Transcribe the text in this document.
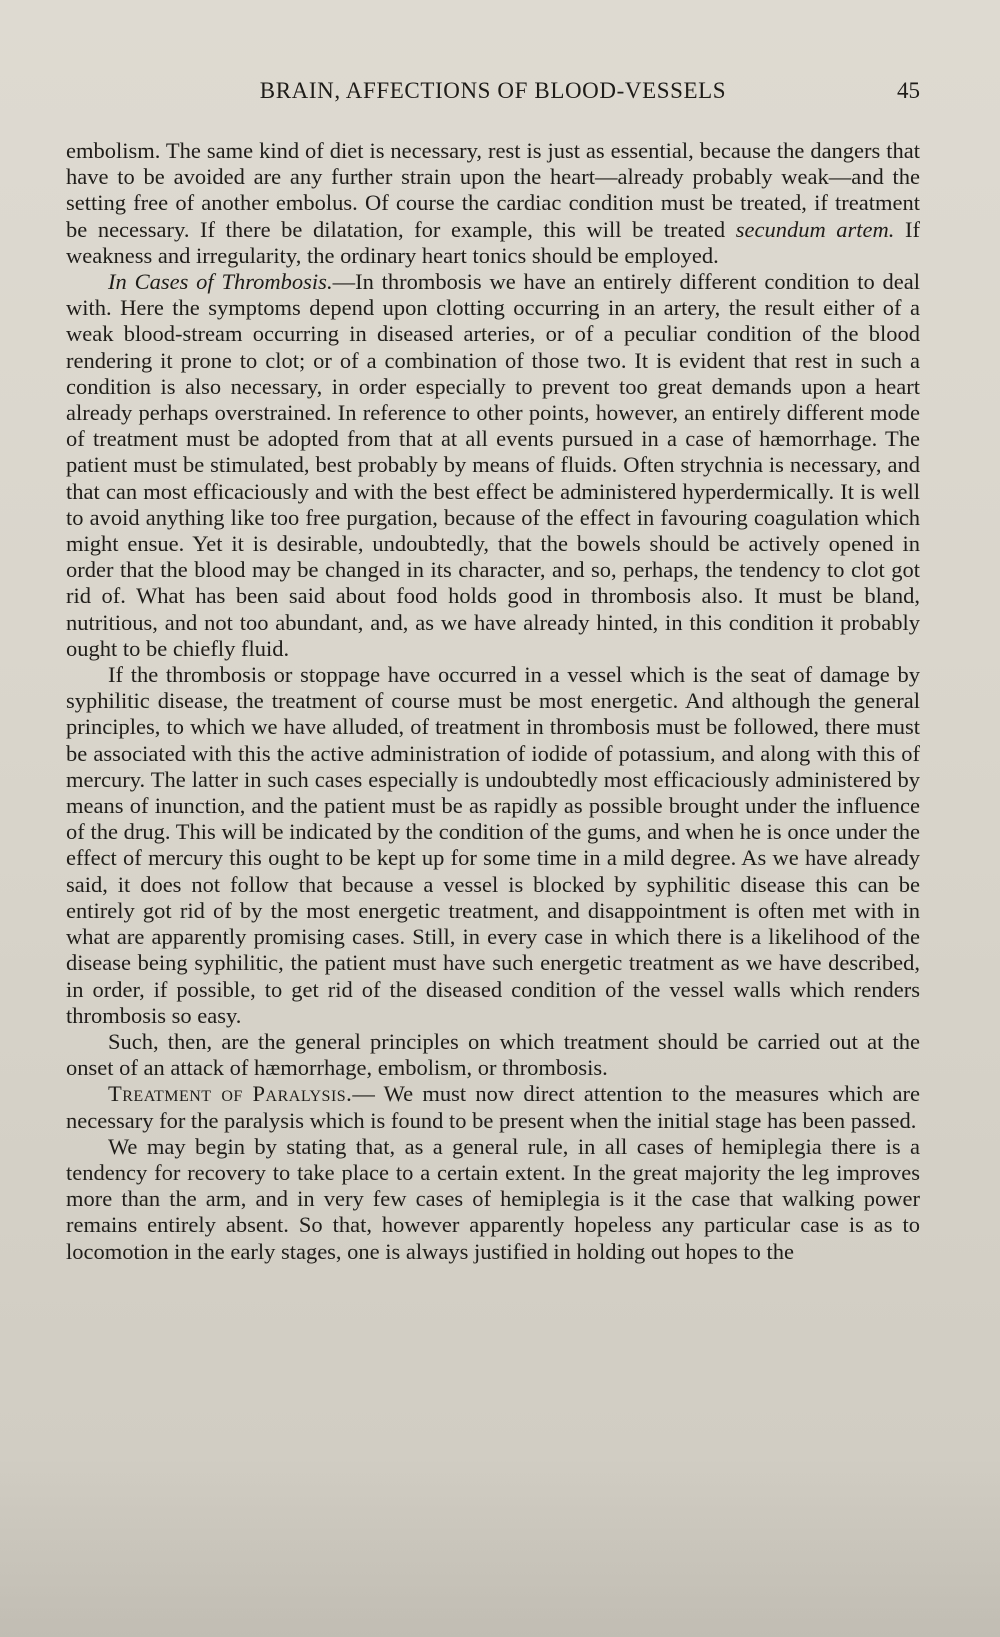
BRAIN, AFFECTIONS OF BLOOD-VESSELS	45

embolism. The same kind of diet is necessary, rest is just as essential, because the dangers that have to be avoided are any further strain upon the heart—already probably weak—and the setting free of another embolus. Of course the cardiac condition must be treated, if treatment be necessary. If there be dilatation, for example, this will be treated secundum artem. If weakness and irregularity, the ordinary heart tonics should be employed.

In Cases of Thrombosis.—In thrombosis we have an entirely different condition to deal with. Here the symptoms depend upon clotting occurring in an artery, the result either of a weak blood-stream occurring in diseased arteries, or of a peculiar condition of the blood rendering it prone to clot; or of a combination of those two. It is evident that rest in such a condition is also necessary, in order especially to prevent too great demands upon a heart already perhaps overstrained. In reference to other points, however, an entirely different mode of treatment must be adopted from that at all events pursued in a case of hæmorrhage. The patient must be stimulated, best probably by means of fluids. Often strychnia is necessary, and that can most efficaciously and with the best effect be administered hyperdermically. It is well to avoid anything like too free purgation, because of the effect in favouring coagulation which might ensue. Yet it is desirable, undoubtedly, that the bowels should be actively opened in order that the blood may be changed in its character, and so, perhaps, the tendency to clot got rid of. What has been said about food holds good in thrombosis also. It must be bland, nutritious, and not too abundant, and, as we have already hinted, in this condition it probably ought to be chiefly fluid.

If the thrombosis or stoppage have occurred in a vessel which is the seat of damage by syphilitic disease, the treatment of course must be most energetic. And although the general principles, to which we have alluded, of treatment in thrombosis must be followed, there must be associated with this the active administration of iodide of potassium, and along with this of mercury. The latter in such cases especially is undoubtedly most efficaciously administered by means of inunction, and the patient must be as rapidly as possible brought under the influence of the drug. This will be indicated by the condition of the gums, and when he is once under the effect of mercury this ought to be kept up for some time in a mild degree. As we have already said, it does not follow that because a vessel is blocked by syphilitic disease this can be entirely got rid of by the most energetic treatment, and disappointment is often met with in what are apparently promising cases. Still, in every case in which there is a likelihood of the disease being syphilitic, the patient must have such energetic treatment as we have described, in order, if possible, to get rid of the diseased condition of the vessel walls which renders thrombosis so easy.

Such, then, are the general principles on which treatment should be carried out at the onset of an attack of hæmorrhage, embolism, or thrombosis.

Treatment of Paralysis.— We must now direct attention to the measures which are necessary for the paralysis which is found to be present when the initial stage has been passed.

We may begin by stating that, as a general rule, in all cases of hemiplegia there is a tendency for recovery to take place to a certain extent. In the great majority the leg improves more than the arm, and in very few cases of hemiplegia is it the case that walking power remains entirely absent. So that, however apparently hopeless any particular case is as to locomotion in the early stages, one is always justified in holding out hopes to the
